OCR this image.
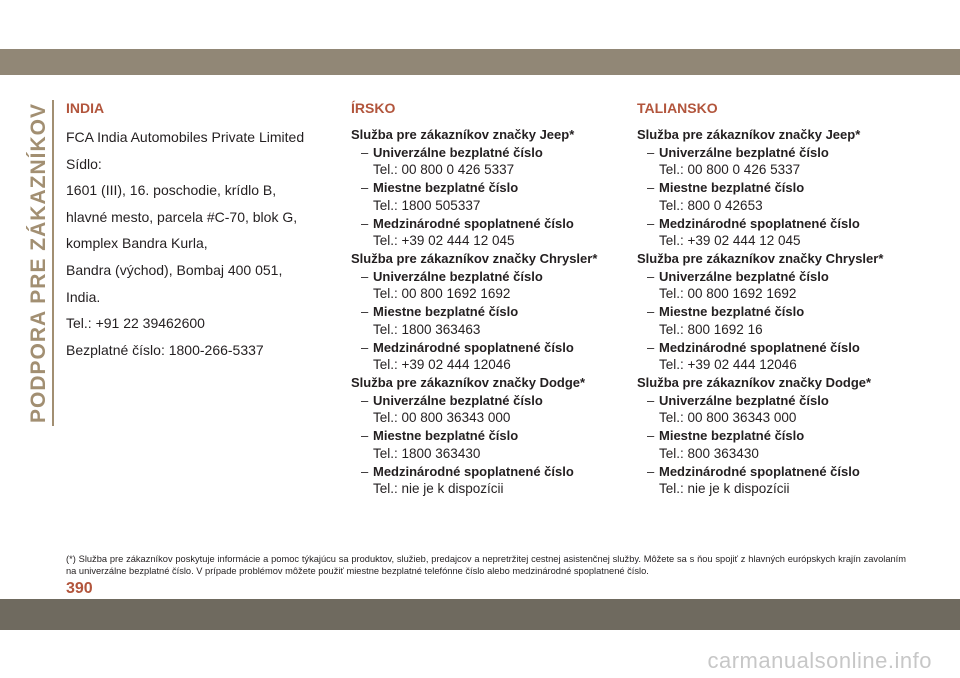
PODPORA PRE ZÁKAZNÍKOV INDIA
FCA India Automobiles Private Limited
Sídlo:
1601 (III), 16. poschodie, krídlo B,
hlavné mesto, parcela #C-70, blok G,
komplex Bandra Kurla,
Bandra (východ), Bombaj 400 051,
India.
Tel.: +91 22 39462600
Bezplatné číslo: 1800-266-5337
ÍRSKO
Služba pre zákazníkov značky Jeep*
– Univerzálne bezplatné číslo
Tel.: 00 800 0 426 5337
– Miestne bezplatné číslo
Tel.: 1800 505337
– Medzinárodné spoplatnené číslo
Tel.: +39 02 444 12 045
Služba pre zákazníkov značky Chrysler*
– Univerzálne bezplatné číslo
Tel.: 00 800 1692 1692
– Miestne bezplatné číslo
Tel.: 1800 363463
– Medzinárodné spoplatnené číslo
Tel.: +39 02 444 12046
Služba pre zákazníkov značky Dodge*
– Univerzálne bezplatné číslo
Tel.: 00 800 36343 000
– Miestne bezplatné číslo
Tel.: 1800 363430
– Medzinárodné spoplatnené číslo
Tel.: nie je k dispozícii
TALIANSKO
Služba pre zákazníkov značky Jeep*
– Univerzálne bezplatné číslo
Tel.: 00 800 0 426 5337
– Miestne bezplatné číslo
Tel.: 800 0 42653
– Medzinárodné spoplatnené číslo
Tel.: +39 02 444 12 045
Služba pre zákazníkov značky Chrysler*
– Univerzálne bezplatné číslo
Tel.: 00 800 1692 1692
– Miestne bezplatné číslo
Tel.: 800 1692 16
– Medzinárodné spoplatnené číslo
Tel.: +39 02 444 12046
Služba pre zákazníkov značky Dodge*
– Univerzálne bezplatné číslo
Tel.: 00 800 36343 000
– Miestne bezplatné číslo
Tel.: 800 363430
– Medzinárodné spoplatnené číslo
Tel.: nie je k dispozícii
(*) Služba pre zákazníkov poskytuje informácie a pomoc týkajúcu sa produktov, služieb, predajcov a nepretržitej cestnej asistenčnej služby. Môžete sa s ňou spojiť z hlavných európskych krajín zavolaním na univerzálne bezplatné číslo. V prípade problémov môžete použiť miestne bezplatné telefónne číslo alebo medzinárodné spoplatnené číslo.
390
carmanualsonline.info
